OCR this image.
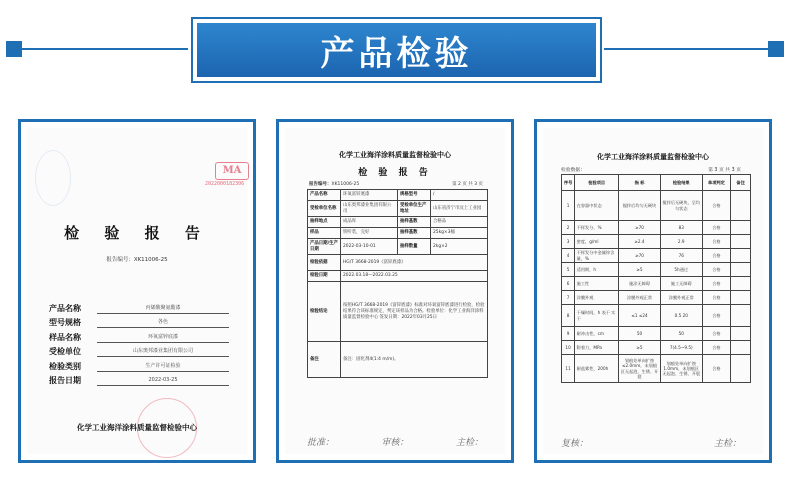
产品检验
MA
2022000182306
检 验 报 告
报告编号：XK11006-25
产品名称	丙烯酸聚氨酯漆
型号规格	各色
样品名称	环氧富锌底漆
受检单位	山东奥邦漆业集团有限公司
检验类别	生产许可证检验
报告日期	2022-03-25
化学工业海洋涂料质量监督检验中心
化学工业海洋涂料质量监督检验中心
检 验 报 告
报告编号：XK11006-25	第 2 页 共 3 页
产品名称	环氧富锌底漆	规格型号	/
受检单位名称	山东奥邦漆业集团有限公司	受检单位生产地址	山东省济宁市汶上工业园
抽样地点	成品库	抽样基数	合格品
样品	铁听装，完好	抽样基数	25kg×3桶
产品日期/生产日期	2022-03-10-01	抽样数量	2kg×2
检验依据	HG/T 3668-2019《富锌底漆》		
检验日期	2022.03.18—2022.03.25		
检验结论	按照HG/T 3668-2019《富锌底漆》标准对环氧富锌底漆进行检验，检验结果符合该标准规定，判定该样品为合格。检验单位：化学工业海洋涂料质量监督检验中心 签发日期：2022年03月25日		
备注	备注：固化剂4(1:4 m/m)。		
批准：	审核：	主检：
化学工业海洋涂料质量监督检验中心
检验数据：	第 3 页 共 3 页
序号	检验项目	指 标	检验结果	单项判定	备注
1	在容器中状态	搅拌后均匀无硬块	搅拌后无硬块，呈均匀状态	合格	
2	不挥发分，%	≥70	83	合格	
3	密度，g/ml	≥2.4	2.9	合格	
4	不挥发分中金属锌含量，%	≥70	76	合格	
5	适用期，h	≥5	5h通过	合格	
6	施工性	施涂无障碍	施工无障碍	合格	
7	涂膜外观	涂膜外观正常	涂膜外观正常	合格	
8	干燥时间，h 表干 实干	≤1 ≤24	0.5 20	合格	
9	耐冲击性，cm	50	50	合格	
10	附着力，MPa	≥5	7(4.5~9.5)	合格	
11	耐盐雾性，200h	划痕处单向扩蚀≤2.0mm，未划痕区无起泡、生锈、开裂	划痕处单向扩蚀1.0mm，未划痕区无起泡、生锈、开裂	合格	
复核：	主检：
